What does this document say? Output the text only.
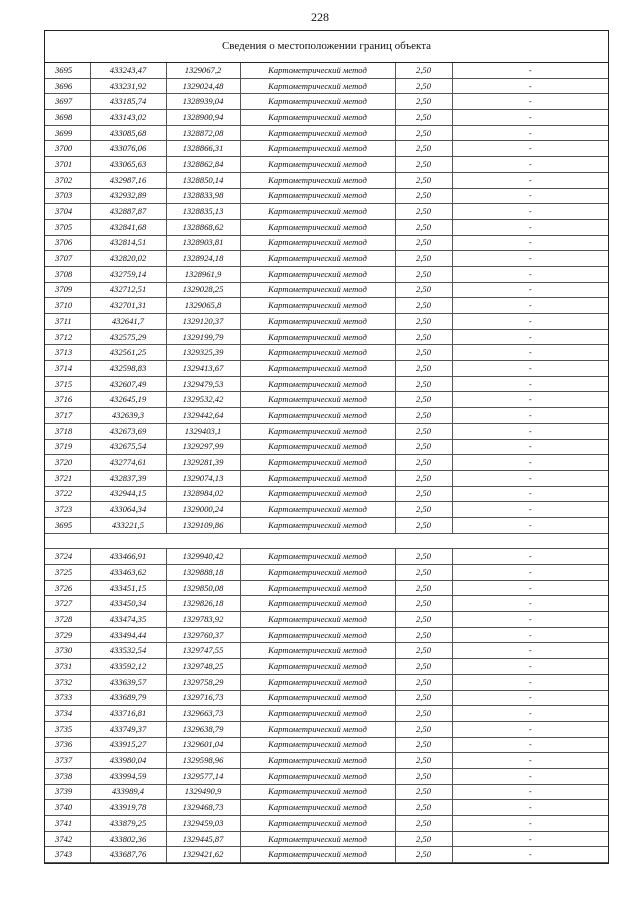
228
Сведения о местоположении границ объекта
3695	433243,47	1329067,2	Картометрический метод	2,50	-
3696	433231,92	1329024,48	Картометрический метод	2,50	-
3697	433185,74	1328939,04	Картометрический метод	2,50	-
3698	433143,02	1328900,94	Картометрический метод	2,50	-
3699	433085,68	1328872,08	Картометрический метод	2,50	-
3700	433076,06	1328866,31	Картометрический метод	2,50	-
3701	433065,63	1328862,84	Картометрический метод	2,50	-
3702	432987,16	1328850,14	Картометрический метод	2,50	-
3703	432932,89	1328833,98	Картометрический метод	2,50	-
3704	432887,87	1328835,13	Картометрический метод	2,50	-
3705	432841,68	1328868,62	Картометрический метод	2,50	-
3706	432814,51	1328903,81	Картометрический метод	2,50	-
3707	432820,02	1328924,18	Картометрический метод	2,50	-
3708	432759,14	1328961,9	Картометрический метод	2,50	-
3709	432712,51	1329028,25	Картометрический метод	2,50	-
3710	432701,31	1329065,8	Картометрический метод	2,50	-
3711	432641,7	1329120,37	Картометрический метод	2,50	-
3712	432575,29	1329199,79	Картометрический метод	2,50	-
3713	432561,25	1329325,39	Картометрический метод	2,50	-
3714	432598,83	1329413,67	Картометрический метод	2,50	-
3715	432607,49	1329479,53	Картометрический метод	2,50	-
3716	432645,19	1329532,42	Картометрический метод	2,50	-
3717	432639,3	1329442,64	Картометрический метод	2,50	-
3718	432673,69	1329403,1	Картометрический метод	2,50	-
3719	432675,54	1329297,99	Картометрический метод	2,50	-
3720	432774,61	1329281,39	Картометрический метод	2,50	-
3721	432837,39	1329074,13	Картометрический метод	2,50	-
3722	432944,15	1328984,02	Картометрический метод	2,50	-
3723	433064,34	1329000,24	Картометрический метод	2,50	-
3695	433221,5	1329109,86	Картометрический метод	2,50	-

3724	433466,91	1329940,42	Картометрический метод	2,50	-
3725	433463,62	1329888,18	Картометрический метод	2,50	-
3726	433451,15	1329850,08	Картометрический метод	2,50	-
3727	433450,34	1329826,18	Картометрический метод	2,50	-
3728	433474,35	1329783,92	Картометрический метод	2,50	-
3729	433494,44	1329760,37	Картометрический метод	2,50	-
3730	433532,54	1329747,55	Картометрический метод	2,50	-
3731	433592,12	1329748,25	Картометрический метод	2,50	-
3732	433639,57	1329758,29	Картометрический метод	2,50	-
3733	433689,79	1329716,73	Картометрический метод	2,50	-
3734	433716,81	1329663,73	Картометрический метод	2,50	-
3735	433749,37	1329638,79	Картометрический метод	2,50	-
3736	433915,27	1329601,04	Картометрический метод	2,50	-
3737	433980,04	1329598,96	Картометрический метод	2,50	-
3738	433994,59	1329577,14	Картометрический метод	2,50	-
3739	433989,4	1329490,9	Картометрический метод	2,50	-
3740	433919,78	1329468,73	Картометрический метод	2,50	-
3741	433879,25	1329459,03	Картометрический метод	2,50	-
3742	433802,36	1329445,87	Картометрический метод	2,50	-
3743	433687,76	1329421,62	Картометрический метод	2,50	-
